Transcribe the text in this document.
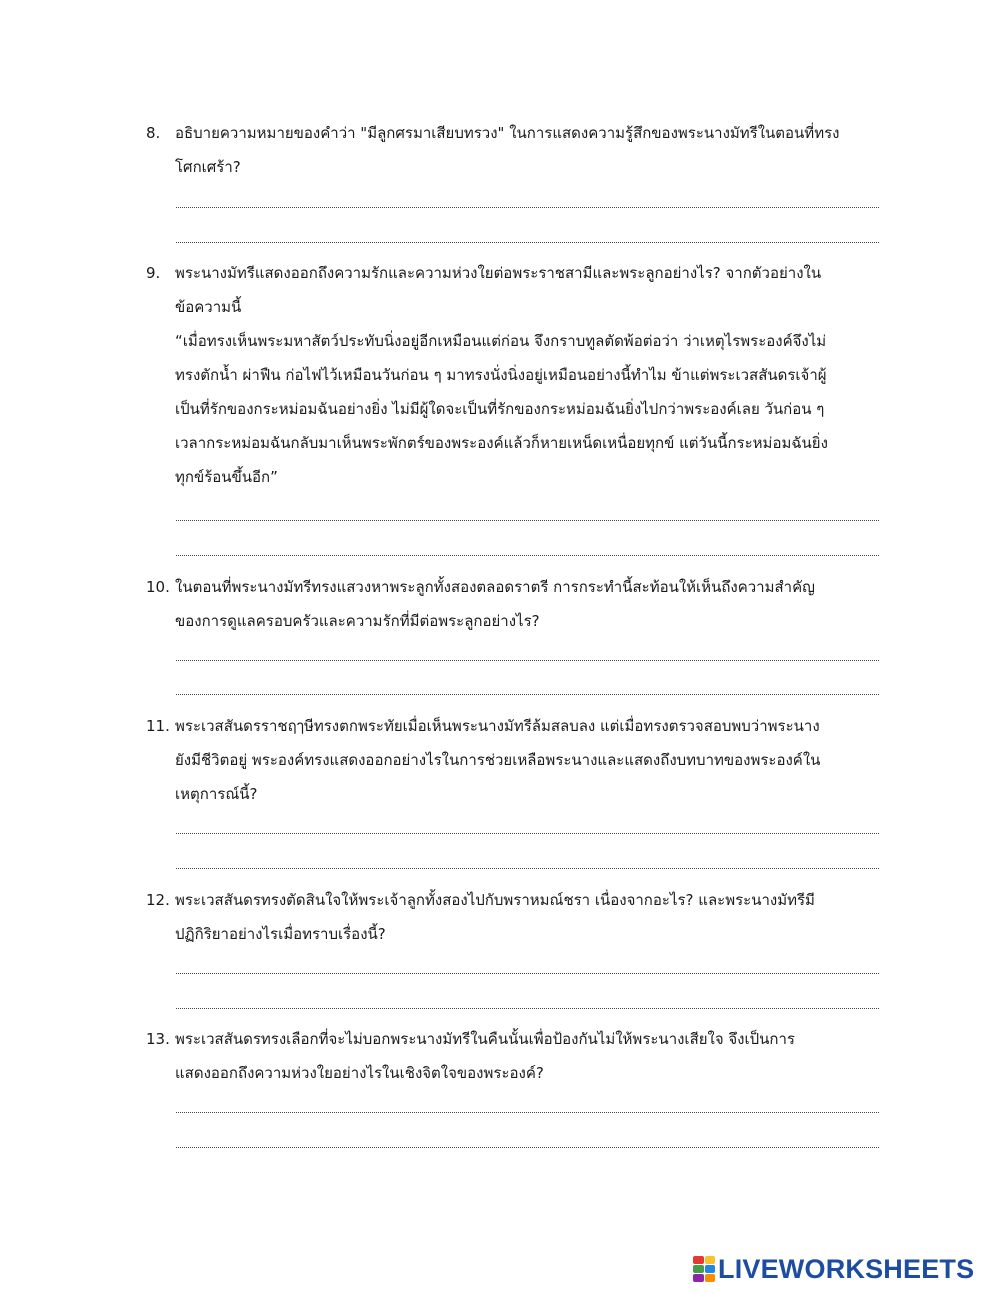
8. อธิบายความหมายของคำว่า "มีลูกศรมาเสียบทรวง" ในการแสดงความรู้สึกของพระนางมัทรีในตอนที่ทรง
โศกเศร้า?
9. พระนางมัทรีแสดงออกถึงความรักและความห่วงใยต่อพระราชสามีและพระลูกอย่างไร? จากตัวอย่างใน
ข้อความนี้
“เมื่อทรงเห็นพระมหาสัตว์ประทับนิ่งอยู่อีกเหมือนแต่ก่อน จึงกราบทูลตัดพ้อต่อว่า ว่าเหตุไรพระองค์จึงไม่
ทรงตักน้ำ ผ่าฟืน ก่อไฟไว้เหมือนวันก่อน ๆ มาทรงนั่งนิ่งอยู่เหมือนอย่างนี้ทำไม ข้าแต่พระเวสสันดรเจ้าผู้
เป็นที่รักของกระหม่อมฉันอย่างยิ่ง ไม่มีผู้ใดจะเป็นที่รักของกระหม่อมฉันยิ่งไปกว่าพระองค์เลย วันก่อน ๆ
เวลากระหม่อมฉันกลับมาเห็นพระพักตร์ของพระองค์แล้วก็หายเหน็ดเหนื่อยทุกข์ แต่วันนี้กระหม่อมฉันยิ่ง
ทุกข์ร้อนขึ้นอีก”
10. ในตอนที่พระนางมัทรีทรงแสวงหาพระลูกทั้งสองตลอดราตรี การกระทำนี้สะท้อนให้เห็นถึงความสำคัญ
ของการดูแลครอบครัวและความรักที่มีต่อพระลูกอย่างไร?
11. พระเวสสันดรราชฤๅษีทรงตกพระทัยเมื่อเห็นพระนางมัทรีล้มสลบลง แต่เมื่อทรงตรวจสอบพบว่าพระนาง
ยังมีชีวิตอยู่ พระองค์ทรงแสดงออกอย่างไรในการช่วยเหลือพระนางและแสดงถึงบทบาทของพระองค์ใน
เหตุการณ์นี้?
12. พระเวสสันดรทรงตัดสินใจให้พระเจ้าลูกทั้งสองไปกับพราหมณ์ชรา เนื่องจากอะไร? และพระนางมัทรีมี
ปฏิกิริยาอย่างไรเมื่อทราบเรื่องนี้?
13. พระเวสสันดรทรงเลือกที่จะไม่บอกพระนางมัทรีในคืนนั้นเพื่อป้องกันไม่ให้พระนางเสียใจ จึงเป็นการ
แสดงออกถึงความห่วงใยอย่างไรในเชิงจิตใจของพระองค์?
LIVEWORKSHEETS
